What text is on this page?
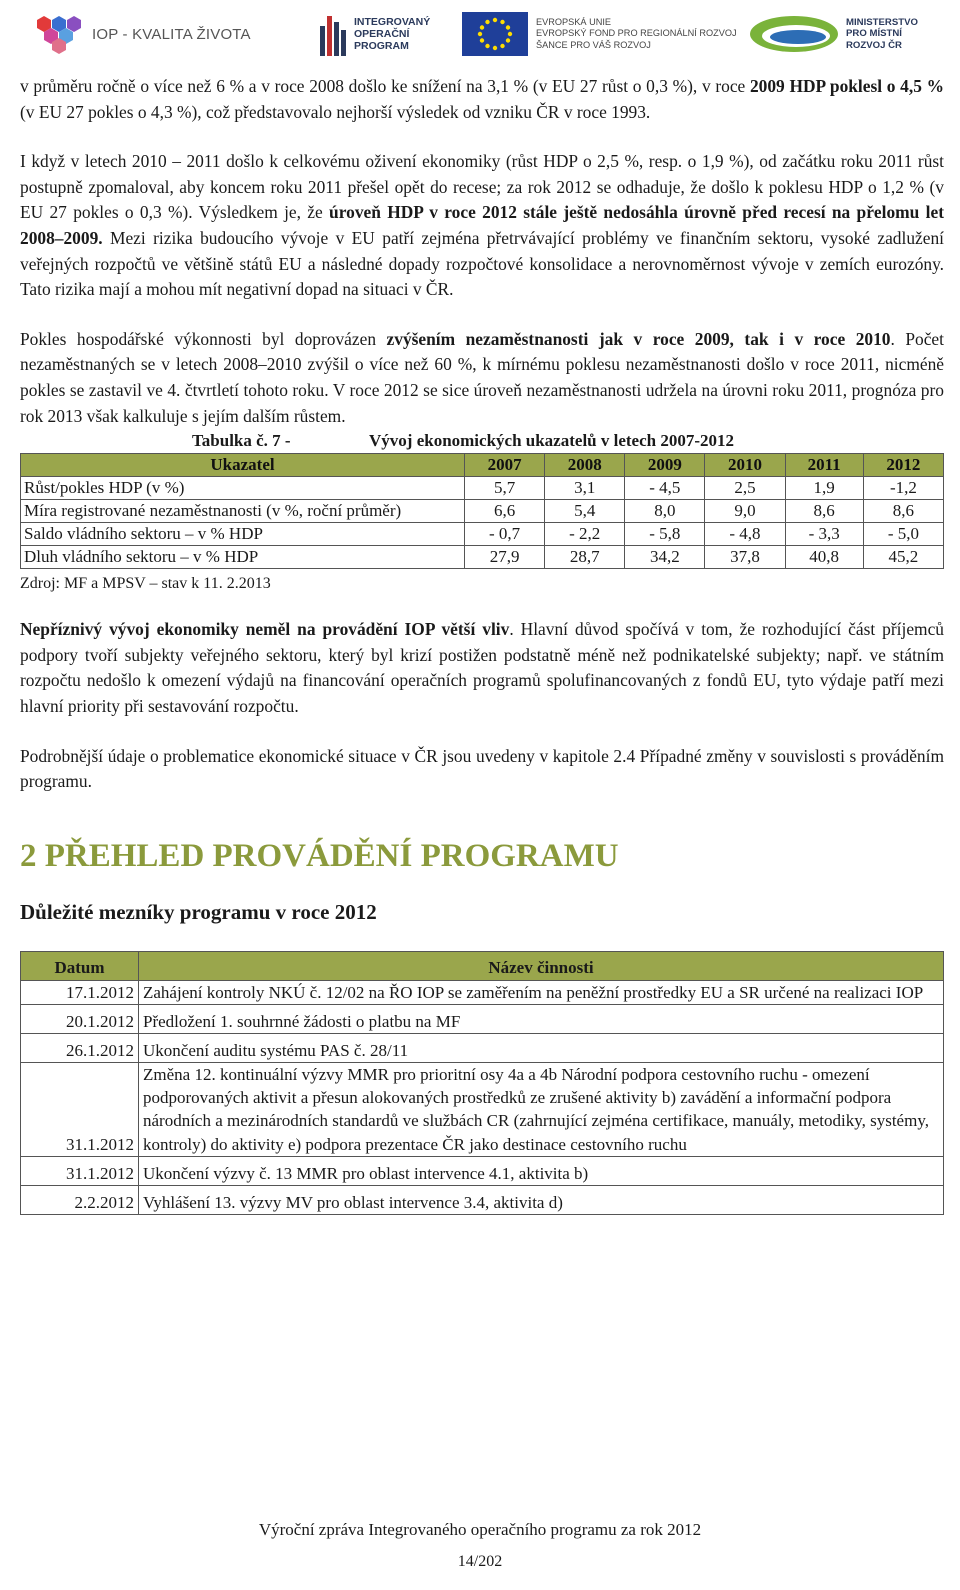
IOP - KVALITA ŽIVOTA
INTEGROVANÝ
OPERAČNÍ
PROGRAM
EVROPSKÁ UNIE
EVROPSKÝ FOND PRO REGIONÁLNÍ ROZVOJ
ŠANCE PRO VÁŠ ROZVOJ
MINISTERSTVO
PRO MÍSTNÍ
ROZVOJ ČR

v průměru ročně o více než 6 % a v roce 2008 došlo ke snížení na 3,1 % (v EU 27 růst o 0,3 %), v roce 2009 HDP poklesl o 4,5 % (v EU 27 pokles o 4,3 %), což představovalo nejhorší výsledek od vzniku ČR v roce 1993.

I když v letech 2010 – 2011 došlo k celkovému oživení ekonomiky (růst HDP o 2,5 %, resp. o 1,9 %), od začátku roku 2011 růst postupně zpomaloval, aby koncem roku 2011 přešel opět do recese; za rok 2012 se odhaduje, že došlo k poklesu HDP o 1,2 % (v EU 27 pokles o 0,3 %). Výsledkem je, že úroveň HDP v roce 2012 stále ještě nedosáhla úrovně před recesí na přelomu let 2008–2009. Mezi rizika budoucího vývoje v EU patří zejména přetrvávající problémy ve finančním sektoru, vysoké zadlužení veřejných rozpočtů ve většině států EU a následné dopady rozpočtové konsolidace a nerovnoměrnost vývoje v zemích eurozóny. Tato rizika mají a mohou mít negativní dopad na situaci v ČR.

Pokles hospodářské výkonnosti byl doprovázen zvýšením nezaměstnanosti jak v roce 2009, tak i v roce 2010. Počet nezaměstnaných se v letech 2008–2010 zvýšil o více než 60 %, k mírnému poklesu nezaměstnanosti došlo v roce 2011, nicméně pokles se zastavil ve 4. čtvrtletí tohoto roku. V roce 2012 se sice úroveň nezaměstnanosti udržela na úrovni roku 2011, prognóza pro rok 2013 však kalkuluje s jejím dalším růstem.

Tabulka č. 7 -	Vývoj ekonomických ukazatelů v letech 2007-2012
Ukazatel	2007	2008	2009	2010	2011	2012
Růst/pokles HDP (v %)	5,7	3,1	- 4,5	2,5	1,9	-1,2
Míra registrované nezaměstnanosti (v %, roční průměr)	6,6	5,4	8,0	9,0	8,6	8,6
Saldo vládního sektoru – v % HDP	- 0,7	- 2,2	- 5,8	- 4,8	- 3,3	- 5,0
Dluh vládního sektoru – v % HDP	27,9	28,7	34,2	37,8	40,8	45,2
Zdroj: MF a MPSV – stav k 11. 2.2013

Nepříznivý vývoj ekonomiky neměl na provádění IOP větší vliv. Hlavní důvod spočívá v tom, že rozhodující část příjemců podpory tvoří subjekty veřejného sektoru, který byl krizí postižen podstatně méně než podnikatelské subjekty; např. ve státním rozpočtu nedošlo k omezení výdajů na financování operačních programů spolufinancovaných z fondů EU, tyto výdaje patří mezi hlavní priority při sestavování rozpočtu.

Podrobnější údaje o problematice ekonomické situace v ČR jsou uvedeny v kapitole 2.4 Případné změny v souvislosti s prováděním programu.

2 PŘEHLED PROVÁDĚNÍ PROGRAMU
Důležité mezníky programu v roce 2012
Datum	Název činnosti
17.1.2012	Zahájení kontroly NKÚ č. 12/02 na ŘO IOP se zaměřením na peněžní prostředky EU a SR určené na realizaci IOP
20.1.2012	Předložení 1. souhrnné žádosti o platbu na MF
26.1.2012	Ukončení auditu systému PAS č. 28/11
31.1.2012	Změna 12. kontinuální výzvy MMR pro prioritní osy 4a a 4b Národní podpora cestovního ruchu - omezení podporovaných aktivit a přesun alokovaných prostředků ze zrušené aktivity b) zavádění a informační podpora národních a mezinárodních standardů ve službách CR (zahrnující zejména certifikace, manuály, metodiky, systémy, kontroly) do aktivity e) podpora prezentace ČR jako destinace cestovního ruchu
31.1.2012	Ukončení výzvy č. 13 MMR pro oblast intervence 4.1, aktivita b)
2.2.2012	Vyhlášení 13. výzvy MV pro oblast intervence 3.4, aktivita d)
Výroční zpráva Integrovaného operačního programu za rok 2012
14/202
